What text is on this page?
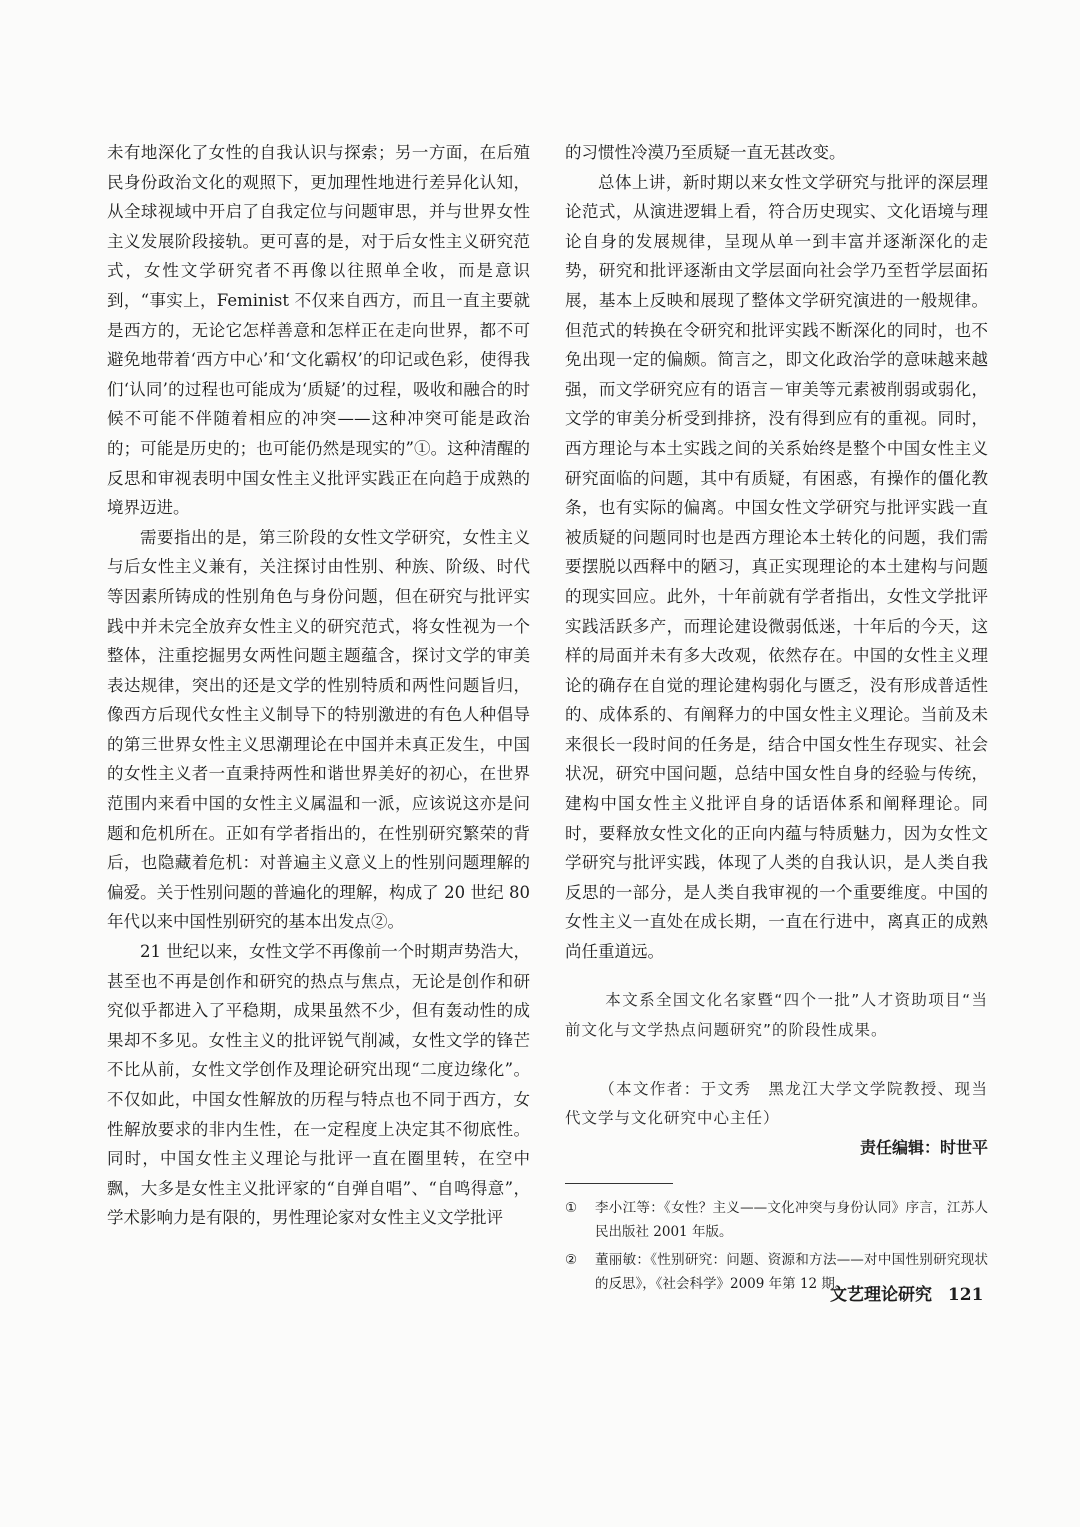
未有地深化了女性的自我认识与探索；另一方面，在后殖民身份政治文化的观照下，更加理性地进行差异化认知，从全球视域中开启了自我定位与问题审思，并与世界女性主义发展阶段接轨。更可喜的是，对于后女性主义研究范式，女性文学研究者不再像以往照单全收，而是意识到，“事实上，Feminist 不仅来自西方，而且一直主要就是西方的，无论它怎样善意和怎样正在走向世界，都不可避免地带着‘西方中心’和‘文化霸权’的印记或色彩，使得我们‘认同’的过程也可能成为‘质疑’的过程，吸收和融合的时候不可能不伴随着相应的冲突——这种冲突可能是政治的；可能是历史的；也可能仍然是现实的”①。这种清醒的反思和审视表明中国女性主义批评实践正在向趋于成熟的境界迈进。

需要指出的是，第三阶段的女性文学研究，女性主义与后女性主义兼有，关注探讨由性别、种族、阶级、时代等因素所铸成的性别角色与身份问题，但在研究与批评实践中并未完全放弃女性主义的研究范式，将女性视为一个整体，注重挖掘男女两性问题主题蕴含，探讨文学的审美表达规律，突出的还是文学的性别特质和两性问题旨归，像西方后现代女性主义制导下的特别激进的有色人种倡导的第三世界女性主义思潮理论在中国并未真正发生，中国的女性主义者一直秉持两性和谐世界美好的初心，在世界范围内来看中国的女性主义属温和一派，应该说这亦是问题和危机所在。正如有学者指出的，在性别研究繁荣的背后，也隐藏着危机：对普遍主义意义上的性别问题理解的偏爱。关于性别问题的普遍化的理解，构成了 20 世纪 80 年代以来中国性别研究的基本出发点②。

21 世纪以来，女性文学不再像前一个时期声势浩大，甚至也不再是创作和研究的热点与焦点，无论是创作和研究似乎都进入了平稳期，成果虽然不少，但有轰动性的成果却不多见。女性主义的批评锐气削减，女性文学的锋芒不比从前，女性文学创作及理论研究出现“二度边缘化”。不仅如此，中国女性解放的历程与特点也不同于西方，女性解放要求的非内生性，在一定程度上决定其不彻底性。同时，中国女性主义理论与批评一直在圈里转，在空中飘，大多是女性主义批评家的“自弹自唱”、“自鸣得意”，学术影响力是有限的，男性理论家对女性主义文学批评

的习惯性冷漠乃至质疑一直无甚改变。

总体上讲，新时期以来女性文学研究与批评的深层理论范式，从演进逻辑上看，符合历史现实、文化语境与理论自身的发展规律，呈现从单一到丰富并逐渐深化的走势，研究和批评逐渐由文学层面向社会学乃至哲学层面拓展，基本上反映和展现了整体文学研究演进的一般规律。但范式的转换在令研究和批评实践不断深化的同时，也不免出现一定的偏颇。简言之，即文化政治学的意味越来越强，而文学研究应有的语言－审美等元素被削弱或弱化，文学的审美分析受到排挤，没有得到应有的重视。同时，西方理论与本土实践之间的关系始终是整个中国女性主义研究面临的问题，其中有质疑，有困惑，有操作的僵化教条，也有实际的偏离。中国女性文学研究与批评实践一直被质疑的问题同时也是西方理论本土转化的问题，我们需要摆脱以西释中的陋习，真正实现理论的本土建构与问题的现实回应。此外，十年前就有学者指出，女性文学批评实践活跃多产，而理论建设微弱低迷，十年后的今天，这样的局面并未有多大改观，依然存在。中国的女性主义理论的确存在自觉的理论建构弱化与匮乏，没有形成普适性的、成体系的、有阐释力的中国女性主义理论。当前及未来很长一段时间的任务是，结合中国女性生存现实、社会状况，研究中国问题，总结中国女性自身的经验与传统，建构中国女性主义批评自身的话语体系和阐释理论。同时，要释放女性文化的正向内蕴与特质魅力，因为女性文学研究与批评实践，体现了人类的自我认识，是人类自我反思的一部分，是人类自我审视的一个重要维度。中国的女性主义一直处在成长期，一直在行进中，离真正的成熟尚任重道远。

本文系全国文化名家暨“四个一批”人才资助项目“当前文化与文学热点问题研究”的阶段性成果。
（本文作者：于文秀　黑龙江大学文学院教授、现当代文学与文化研究中心主任）
责任编辑：时世平
①	李小江等：《女性？主义——文化冲突与身份认同》序言，江苏人民出版社 2001 年版。
②	董丽敏：《性别研究：问题、资源和方法——对中国性别研究现状的反思》，《社会科学》2009 年第 12 期。
文艺理论研究 121
